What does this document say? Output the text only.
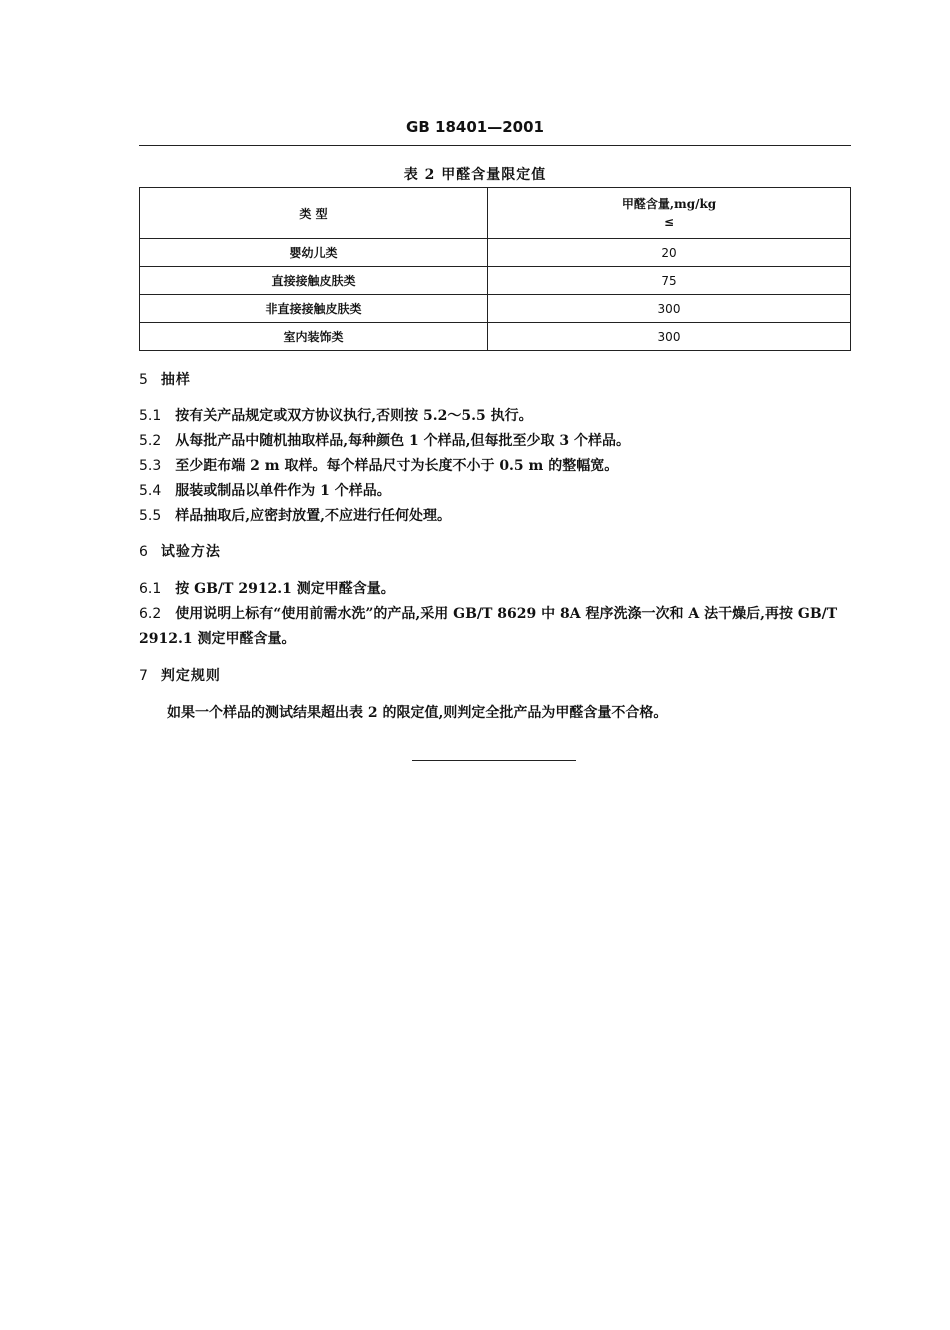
GB 18401—2001
表 2 甲醛含量限定值
类 型	甲醛含量,mg/kg
≤

婴幼儿类	20
直接接触皮肤类	75
非直接接触皮肤类	300
室内装饰类	300
5 抽样
5.1 按有关产品规定或双方协议执行,否则按 5.2～5.5 执行。
5.2 从每批产品中随机抽取样品,每种颜色 1 个样品,但每批至少取 3 个样品。
5.3 至少距布端 2 m 取样。每个样品尺寸为长度不小于 0.5 m 的整幅宽。
5.4 服装或制品以单件作为 1 个样品。
5.5 样品抽取后,应密封放置,不应进行任何处理。
6 试验方法
6.1 按 GB/T 2912.1 测定甲醛含量。
6.2 使用说明上标有“使用前需水洗”的产品,采用 GB/T 8629 中 8A 程序洗涤一次和 A 法干燥后,再按 GB/T 2912.1 测定甲醛含量。
7 判定规则
如果一个样品的测试结果超出表 2 的限定值,则判定全批产品为甲醛含量不合格。
